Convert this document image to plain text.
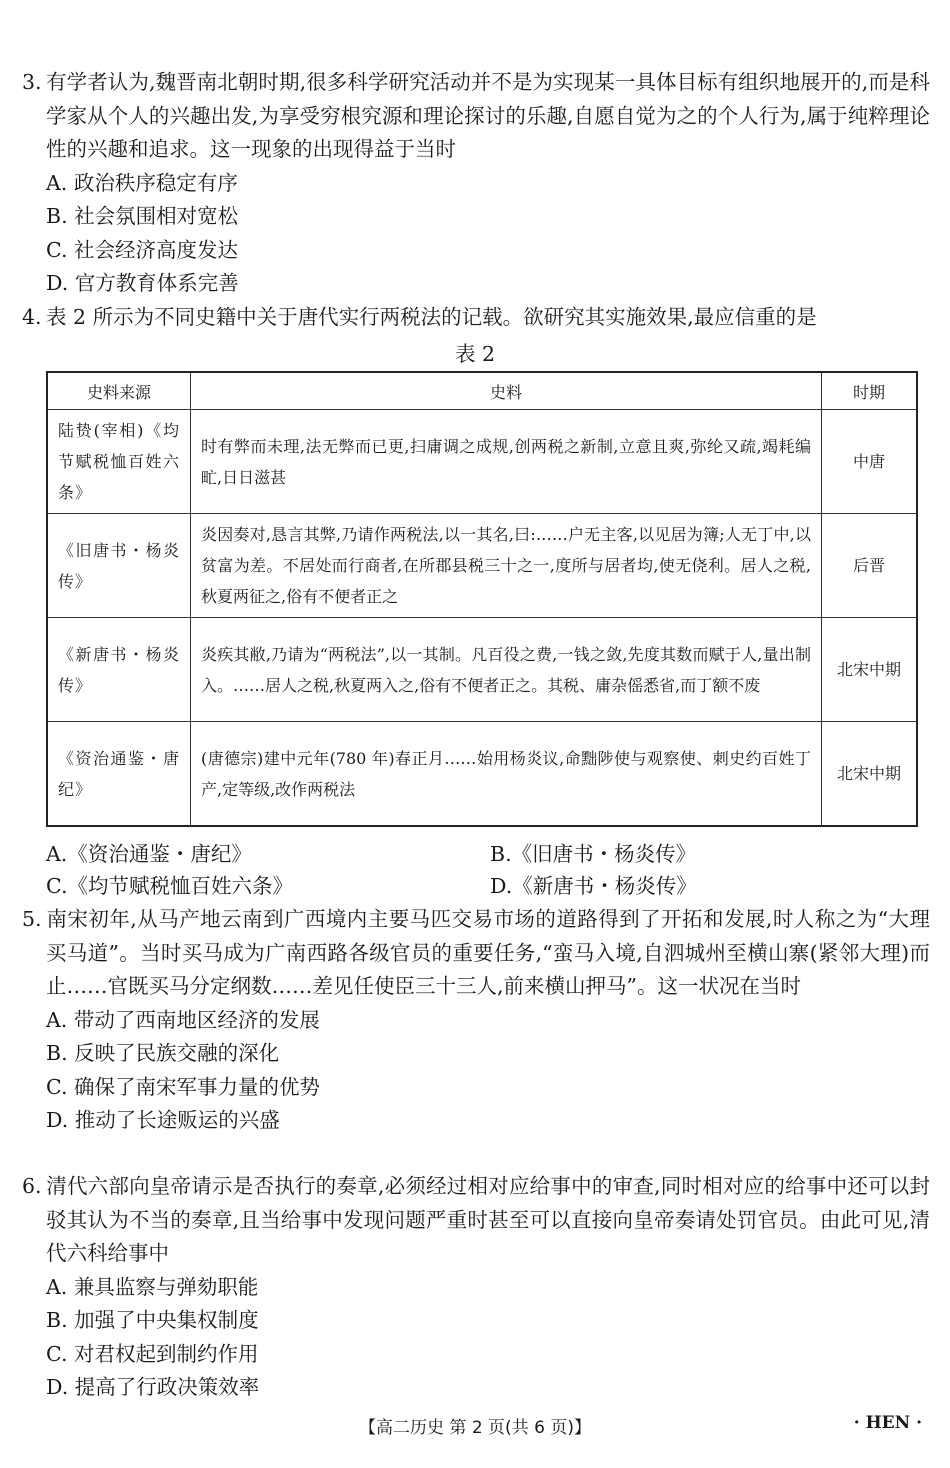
3. 有学者认为,魏晋南北朝时期,很多科学研究活动并不是为实现某一具体目标有组织地展开的,而是科学家从个人的兴趣出发,为享受穷根究源和理论探讨的乐趣,自愿自觉为之的个人行为,属于纯粹理论性的兴趣和追求。这一现象的出现得益于当时
A. 政治秩序稳定有序
B. 社会氛围相对宽松
C. 社会经济高度发达
D. 官方教育体系完善
4. 表 2 所示为不同史籍中关于唐代实行两税法的记载。欲研究其实施效果,最应信重的是
表 2
史料来源	史料	时期
陆贽(宰相)《均节赋税恤百姓六条》	时有弊而未理,法无弊而已更,扫庸调之成规,创两税之新制,立意且爽,弥纶又疏,竭耗编甿,日日滋甚	中唐
《旧唐书・杨炎传》	炎因奏对,恳言其弊,乃请作两税法,以一其名,曰:……户无主客,以见居为簿;人无丁中,以贫富为差。不居处而行商者,在所郡县税三十之一,度所与居者均,使无侥利。居人之税,秋夏两征之,俗有不便者正之	后晋
《新唐书・杨炎传》	炎疾其敝,乃请为“两税法”,以一其制。凡百役之费,一钱之敛,先度其数而赋于人,量出制入。……居人之税,秋夏两入之,俗有不便者正之。其税、庸杂傜悉省,而丁额不废	北宋中期
《资治通鉴・唐纪》	(唐德宗)建中元年(780 年)春正月……始用杨炎议,命黜陟使与观察使、刺史约百姓丁产,定等级,改作两税法	北宋中期
A.《资治通鉴・唐纪》	B.《旧唐书・杨炎传》
C.《均节赋税恤百姓六条》	D.《新唐书・杨炎传》
5. 南宋初年,从马产地云南到广西境内主要马匹交易市场的道路得到了开拓和发展,时人称之为“大理买马道”。当时买马成为广南西路各级官员的重要任务,“蛮马入境,自泗城州至横山寨(紧邻大理)而止……官既买马分定纲数……差见任使臣三十三人,前来横山押马”。这一状况在当时
A. 带动了西南地区经济的发展
B. 反映了民族交融的深化
C. 确保了南宋军事力量的优势
D. 推动了长途贩运的兴盛
6. 清代六部向皇帝请示是否执行的奏章,必须经过相对应给事中的审查,同时相对应的给事中还可以封驳其认为不当的奏章,且当给事中发现问题严重时甚至可以直接向皇帝奏请处罚官员。由此可见,清代六科给事中
A. 兼具监察与弹劾职能
B. 加强了中央集权制度
C. 对君权起到制约作用
D. 提高了行政决策效率
【高二历史 第 2 页(共 6 页)】	· HEN ·
